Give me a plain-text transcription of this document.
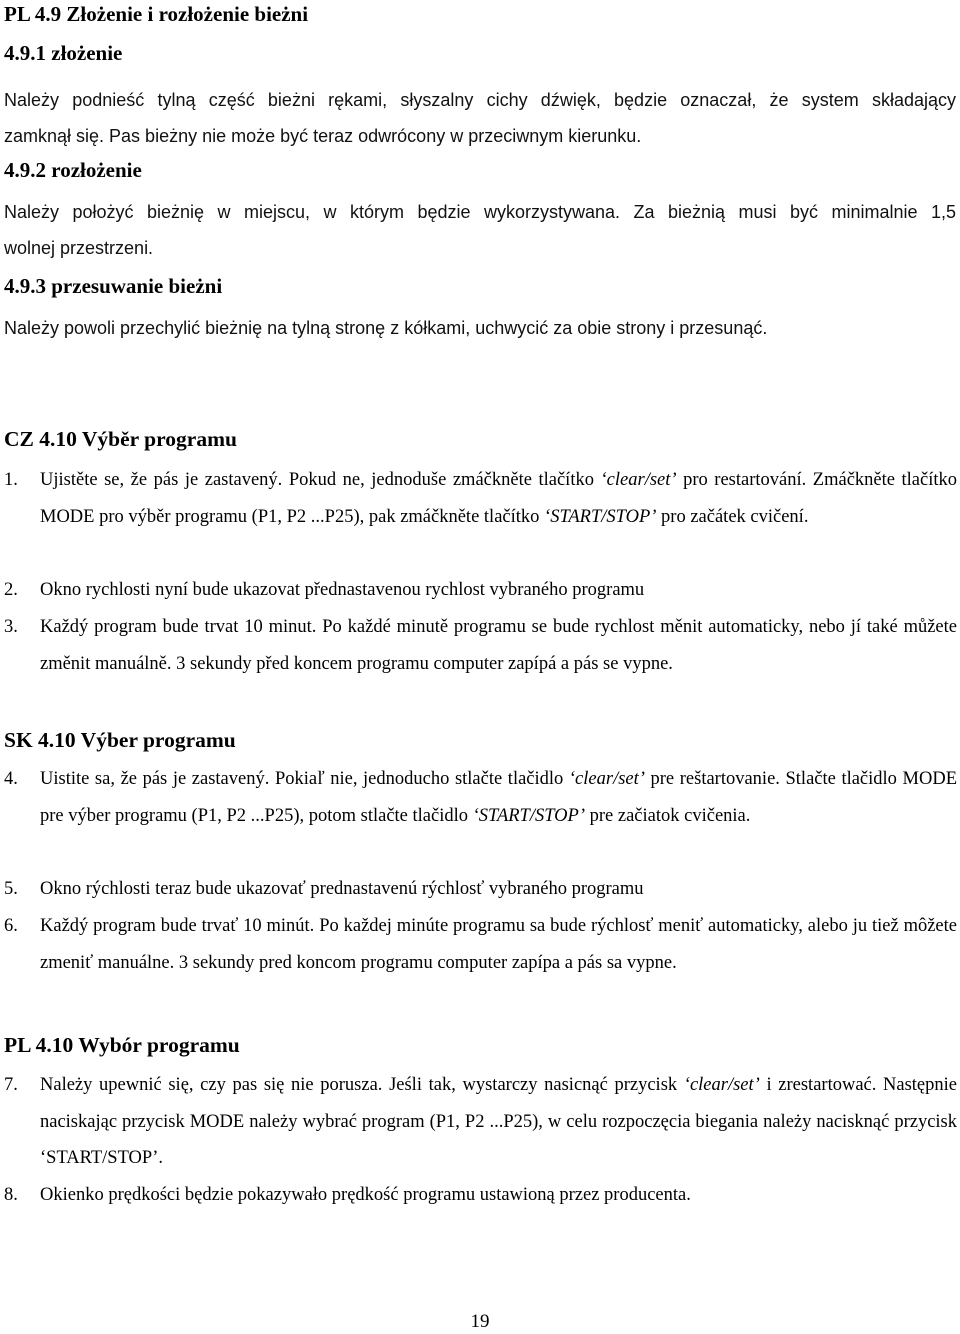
PL 4.9 Złożenie i rozłożenie bieżni
4.9.1 złożenie
Należy podnieść tylną część bieżni rękami, słyszalny cichy dźwięk, będzie oznaczał, że system składający
zamknął się. Pas bieżny nie może być teraz odwrócony w przeciwnym kierunku.
4.9.2 rozłożenie
Należy położyć bieżnię w miejscu, w którym będzie wykorzystywana. Za bieżnią musi być minimalnie 1,5
wolnej przestrzeni.
4.9.3 przesuwanie bieżni
Należy powoli przechylić bieżnię na tylną stronę z kółkami, uchwycić za obie strony i przesunąć.
CZ 4.10 Výběr programu
1. Ujistěte se, že pás je zastavený. Pokud ne, jednoduše zmáčkněte tlačítko ‘clear/set’ pro restartování. Zmáčkněte tlačítko MODE pro výběr programu (P1, P2 ...P25), pak zmáčkněte tlačítko ‘START/STOP’ pro začátek cvičení.
2. Okno rychlosti nyní bude ukazovat přednastavenou rychlost vybraného programu
3. Každý program bude trvat 10 minut. Po každé minutě programu se bude rychlost měnit automaticky, nebo jí také můžete změnit manuálně. 3 sekundy před koncem programu computer zapípá a pás se vypne.
SK 4.10 Výber programu
4. Uistite sa, že pás je zastavený. Pokiaľ nie, jednoducho stlačte tlačidlo ‘clear/set’ pre reštartovanie. Stlačte tlačidlo MODE pre výber programu (P1, P2 ...P25), potom stlačte tlačidlo ‘START/STOP’ pre začiatok cvičenia.
5. Okno rýchlosti teraz bude ukazovať prednastavenú rýchlosť vybraného programu
6. Každý program bude trvať 10 minút. Po každej minúte programu sa bude rýchlosť meniť automaticky, alebo ju tiež môžete zmeniť manuálne. 3 sekundy pred koncom programu computer zapípa a pás sa vypne.
PL 4.10 Wybór programu
7. Należy upewnić się, czy pas się nie porusza. Jeśli tak, wystarczy nasicnąć przycisk ‘clear/set’ i zrestartować. Następnie naciskając przycisk MODE należy wybrać program (P1, P2 ...P25), w celu rozpoczęcia biegania należy nacisknąć przycisk ‘START/STOP’.
8. Okienko prędkości będzie pokazywało prędkość programu ustawioną przez producenta.
19
